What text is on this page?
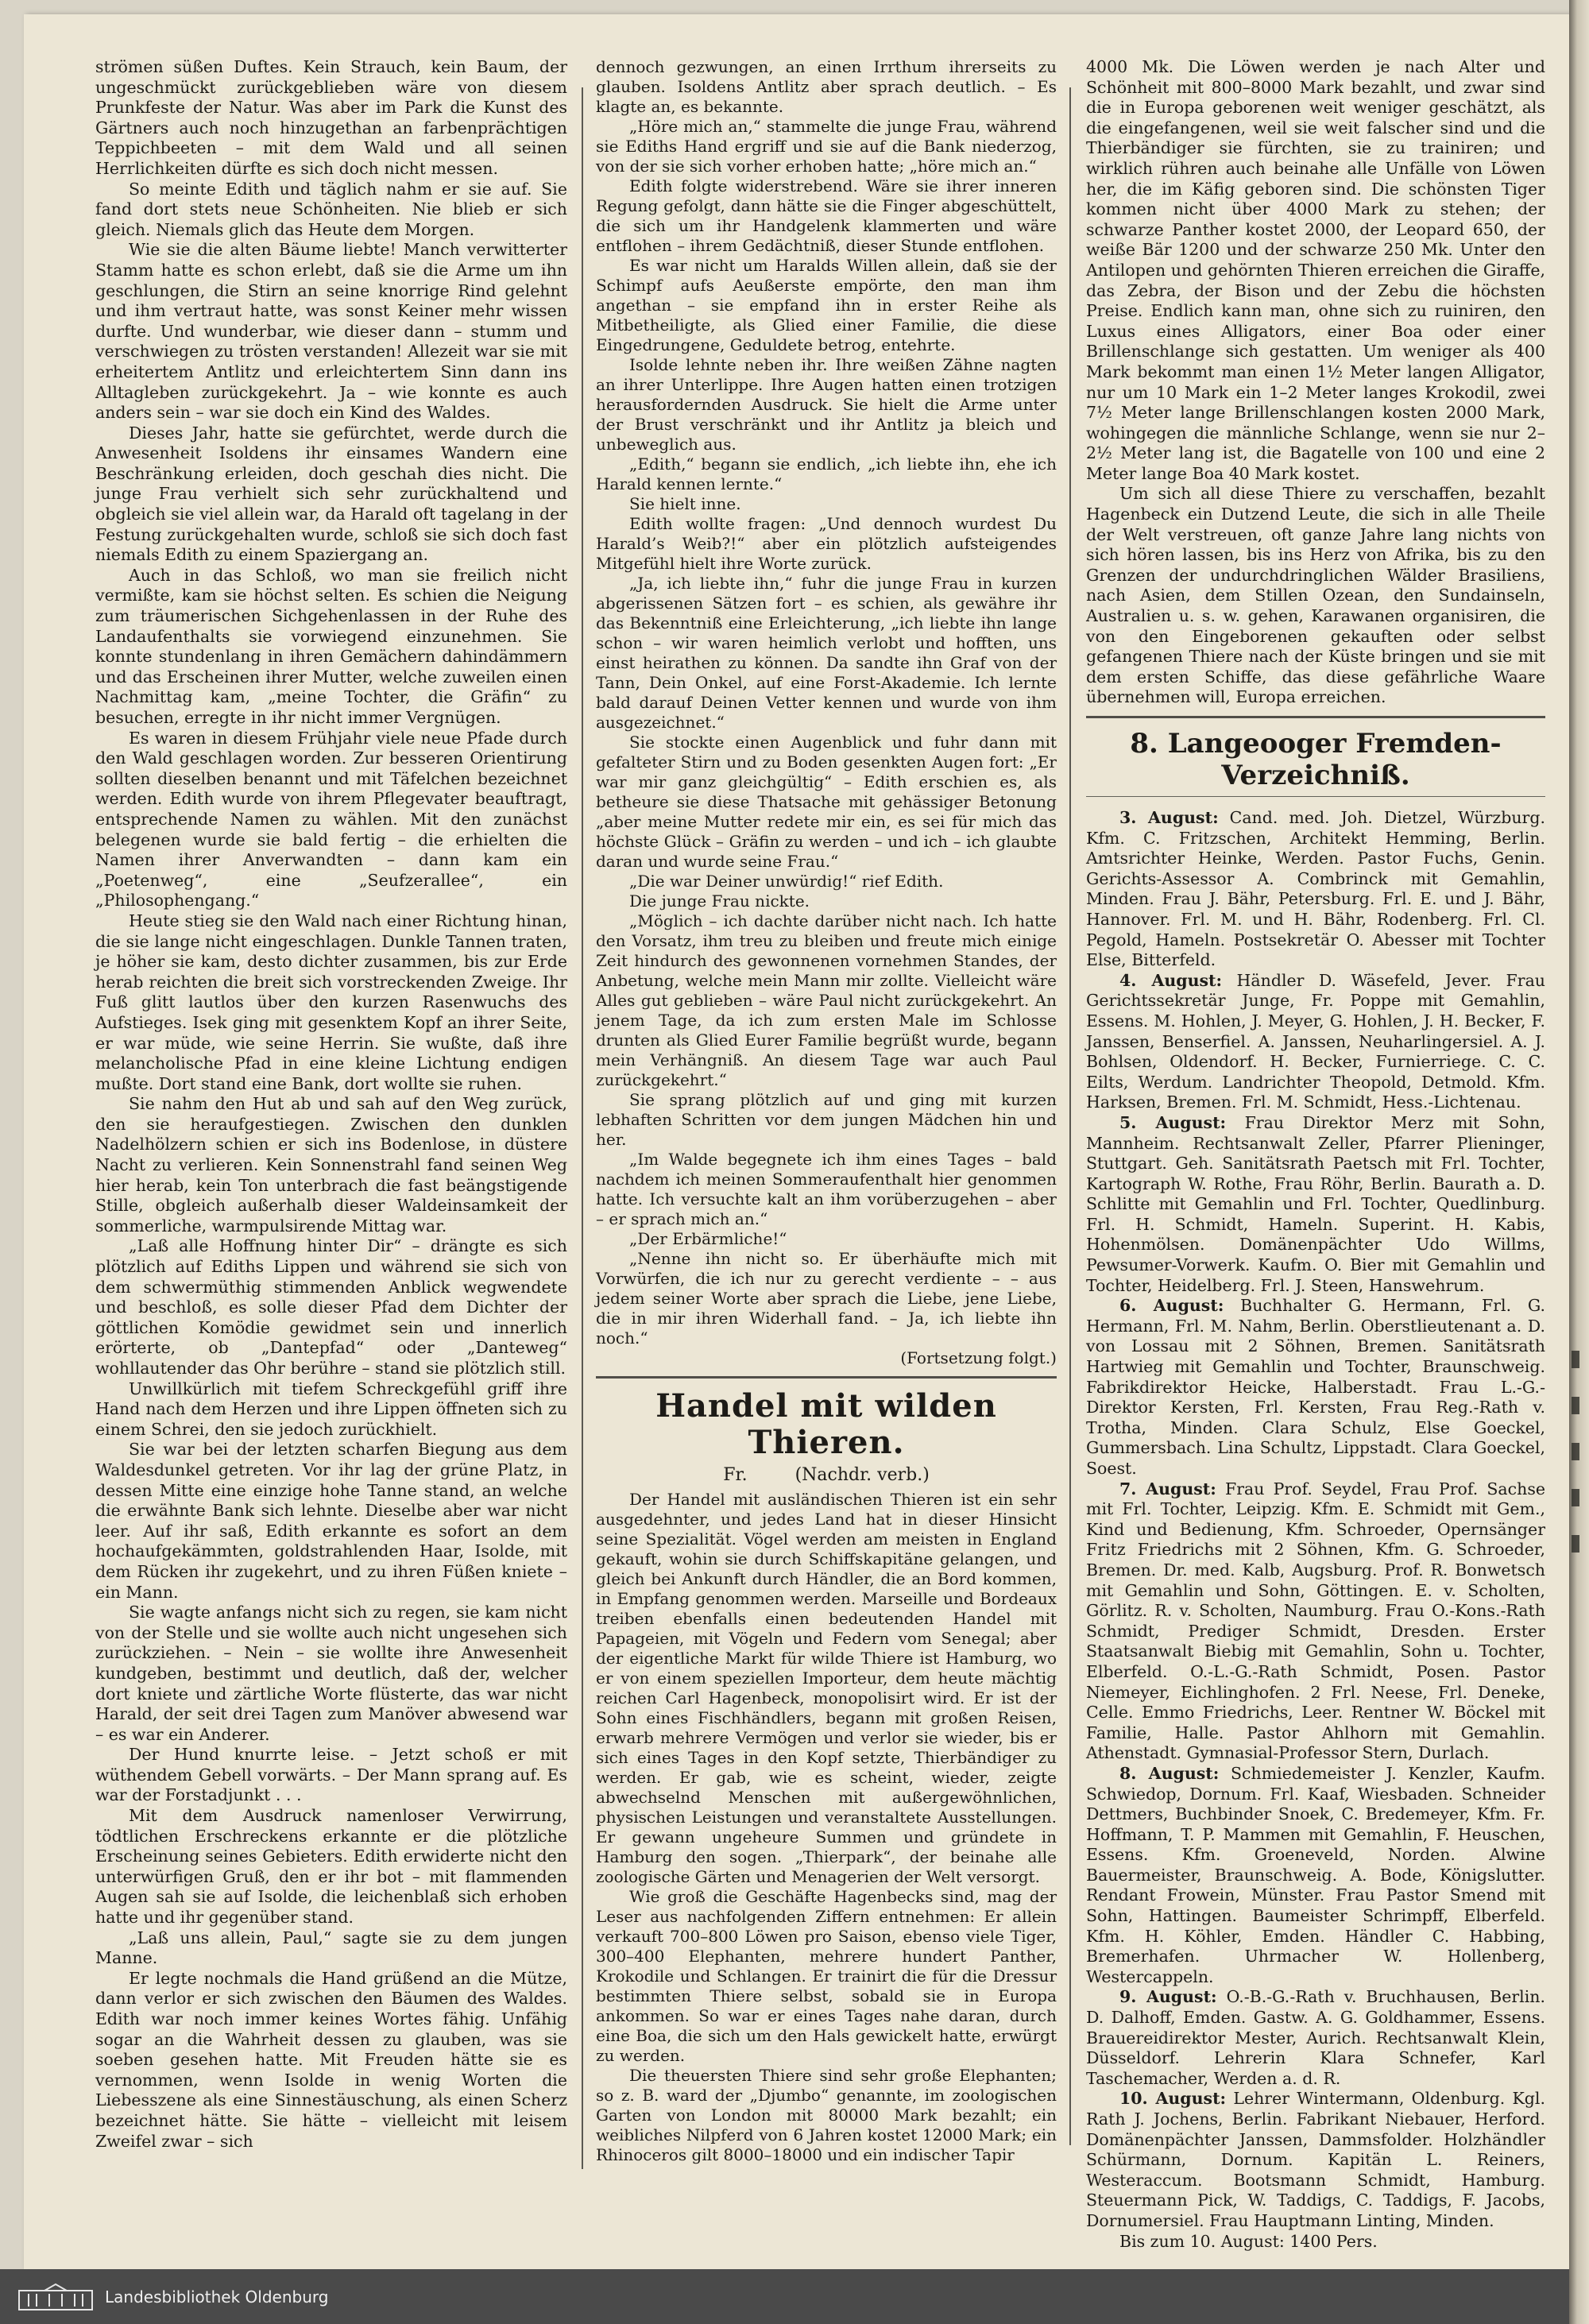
strömen süßen Duftes. Kein Strauch, kein Baum, der ungeschmückt zurückgeblieben wäre von diesem Prunkfeste der Natur. Was aber im Park die Kunst des Gärtners auch noch hinzugethan an farbenprächtigen Teppichbeeten – mit dem Wald und all seinen Herrlichkeiten dürfte es sich doch nicht messen.

So meinte Edith und täglich nahm er sie auf. Sie fand dort stets neue Schönheiten. Nie blieb er sich gleich. Niemals glich das Heute dem Morgen.

Wie sie die alten Bäume liebte! Manch verwitterter Stamm hatte es schon erlebt, daß sie die Arme um ihn geschlungen, die Stirn an seine knorrige Rind gelehnt und ihm vertraut hatte, was sonst Keiner mehr wissen durfte. Und wunderbar, wie dieser dann – stumm und verschwiegen zu trösten verstanden! Allezeit war sie mit erheitertem Antlitz und erleichtertem Sinn dann ins Alltagleben zurückgekehrt. Ja – wie konnte es auch anders sein – war sie doch ein Kind des Waldes.

Dieses Jahr, hatte sie gefürchtet, werde durch die Anwesenheit Isoldens ihr einsames Wandern eine Beschränkung erleiden, doch geschah dies nicht. Die junge Frau verhielt sich sehr zurückhaltend und obgleich sie viel allein war, da Harald oft tagelang in der Festung zurückgehalten wurde, schloß sie sich doch fast niemals Edith zu einem Spaziergang an.

Auch in das Schloß, wo man sie freilich nicht vermißte, kam sie höchst selten. Es schien die Neigung zum träumerischen Sichgehenlassen in der Ruhe des Landaufenthalts sie vorwiegend einzunehmen. Sie konnte stundenlang in ihren Gemächern dahindämmern und das Erscheinen ihrer Mutter, welche zuweilen einen Nachmittag kam, „meine Tochter, die Gräfin“ zu besuchen, erregte in ihr nicht immer Vergnügen.

Es waren in diesem Frühjahr viele neue Pfade durch den Wald geschlagen worden. Zur besseren Orientirung sollten dieselben benannt und mit Täfelchen bezeichnet werden. Edith wurde von ihrem Pflegevater beauftragt, entsprechende Namen zu wählen. Mit den zunächst belegenen wurde sie bald fertig – die erhielten die Namen ihrer Anverwandten – dann kam ein „Poetenweg“, eine „Seufzerallee“, ein „Philosophengang.“

Heute stieg sie den Wald nach einer Richtung hinan, die sie lange nicht eingeschlagen. Dunkle Tannen traten, je höher sie kam, desto dichter zusammen, bis zur Erde herab reichten die breit sich vorstreckenden Zweige. Ihr Fuß glitt lautlos über den kurzen Rasenwuchs des Aufstieges. Isek ging mit gesenktem Kopf an ihrer Seite, er war müde, wie seine Herrin. Sie wußte, daß ihre melancholische Pfad in eine kleine Lichtung endigen mußte. Dort stand eine Bank, dort wollte sie ruhen.

Sie nahm den Hut ab und sah auf den Weg zurück, den sie heraufgestiegen. Zwischen den dunklen Nadelhölzern schien er sich ins Bodenlose, in düstere Nacht zu verlieren. Kein Sonnenstrahl fand seinen Weg hier herab, kein Ton unterbrach die fast beängstigende Stille, obgleich außerhalb dieser Waldeinsamkeit der sommerliche, warmpulsirende Mittag war.

„Laß alle Hoffnung hinter Dir“ – drängte es sich plötzlich auf Ediths Lippen und während sie sich von dem schwermüthig stimmenden Anblick wegwendete und beschloß, es solle dieser Pfad dem Dichter der göttlichen Komödie gewidmet sein und innerlich erörterte, ob „Dantepfad“ oder „Danteweg“ wohllautender das Ohr berühre – stand sie plötzlich still.

Unwillkürlich mit tiefem Schreckgefühl griff ihre Hand nach dem Herzen und ihre Lippen öffneten sich zu einem Schrei, den sie jedoch zurückhielt.

Sie war bei der letzten scharfen Biegung aus dem Waldesdunkel getreten. Vor ihr lag der grüne Platz, in dessen Mitte eine einzige hohe Tanne stand, an welche die erwähnte Bank sich lehnte. Dieselbe aber war nicht leer. Auf ihr saß, Edith erkannte es sofort an dem hochaufgekämmten, goldstrahlenden Haar, Isolde, mit dem Rücken ihr zugekehrt, und zu ihren Füßen kniete – ein Mann.

Sie wagte anfangs nicht sich zu regen, sie kam nicht von der Stelle und sie wollte auch nicht ungesehen sich zurückziehen. – Nein – sie wollte ihre Anwesenheit kundgeben, bestimmt und deutlich, daß der, welcher dort kniete und zärtliche Worte flüsterte, das war nicht Harald, der seit drei Tagen zum Manöver abwesend war – es war ein Anderer.

Der Hund knurrte leise. – Jetzt schoß er mit wüthendem Gebell vorwärts. – Der Mann sprang auf. Es war der Forstadjunkt . . .

Mit dem Ausdruck namenloser Verwirrung, tödtlichen Erschreckens erkannte er die plötzliche Erscheinung seines Gebieters. Edith erwiderte nicht den unterwürfigen Gruß, den er ihr bot – mit flammenden Augen sah sie auf Isolde, die leichenblaß sich erhoben hatte und ihr gegenüber stand.

„Laß uns allein, Paul,“ sagte sie zu dem jungen Manne.

Er legte nochmals die Hand grüßend an die Mütze, dann verlor er sich zwischen den Bäumen des Waldes. Edith war noch immer keines Wortes fähig. Unfähig sogar an die Wahrheit dessen zu glauben, was sie soeben gesehen hatte. Mit Freuden hätte sie es vernommen, wenn Isolde in wenig Worten die Liebesszene als eine Sinnestäuschung, als einen Scherz bezeichnet hätte. Sie hätte – vielleicht mit leisem Zweifel zwar – sich

dennoch gezwungen, an einen Irrthum ihrerseits zu glauben. Isoldens Antlitz aber sprach deutlich. – Es klagte an, es bekannte.

„Höre mich an,“ stammelte die junge Frau, während sie Ediths Hand ergriff und sie auf die Bank niederzog, von der sie sich vorher erhoben hatte; „höre mich an.“

Edith folgte widerstrebend. Wäre sie ihrer inneren Regung gefolgt, dann hätte sie die Finger abgeschüttelt, die sich um ihr Handgelenk klammerten und wäre entflohen – ihrem Gedächtniß, dieser Stunde entflohen.

Es war nicht um Haralds Willen allein, daß sie der Schimpf aufs Aeußerste empörte, den man ihm angethan – sie empfand ihn in erster Reihe als Mitbetheiligte, als Glied einer Familie, die diese Eingedrungene, Geduldete betrog, entehrte.

Isolde lehnte neben ihr. Ihre weißen Zähne nagten an ihrer Unterlippe. Ihre Augen hatten einen trotzigen herausfordernden Ausdruck. Sie hielt die Arme unter der Brust verschränkt und ihr Antlitz ja bleich und unbeweglich aus.

„Edith,“ begann sie endlich, „ich liebte ihn, ehe ich Harald kennen lernte.“

Sie hielt inne.

Edith wollte fragen: „Und dennoch wurdest Du Harald’s Weib?!“ aber ein plötzlich aufsteigendes Mitgefühl hielt ihre Worte zurück.

„Ja, ich liebte ihn,“ fuhr die junge Frau in kurzen abgerissenen Sätzen fort – es schien, als gewähre ihr das Bekenntniß eine Erleichterung, „ich liebte ihn lange schon – wir waren heimlich verlobt und hofften, uns einst heirathen zu können. Da sandte ihn Graf von der Tann, Dein Onkel, auf eine Forst-Akademie. Ich lernte bald darauf Deinen Vetter kennen und wurde von ihm ausgezeichnet.“

Sie stockte einen Augenblick und fuhr dann mit gefalteter Stirn und zu Boden gesenkten Augen fort: „Er war mir ganz gleichgültig“ – Edith erschien es, als betheure sie diese Thatsache mit gehässiger Betonung „aber meine Mutter redete mir ein, es sei für mich das höchste Glück – Gräfin zu werden – und ich – ich glaubte daran und wurde seine Frau.“

„Die war Deiner unwürdig!“ rief Edith.

Die junge Frau nickte.

„Möglich – ich dachte darüber nicht nach. Ich hatte den Vorsatz, ihm treu zu bleiben und freute mich einige Zeit hindurch des gewonnenen vornehmen Standes, der Anbetung, welche mein Mann mir zollte. Vielleicht wäre Alles gut geblieben – wäre Paul nicht zurückgekehrt. An jenem Tage, da ich zum ersten Male im Schlosse drunten als Glied Eurer Familie begrüßt wurde, begann mein Verhängniß. An diesem Tage war auch Paul zurückgekehrt.“

Sie sprang plötzlich auf und ging mit kurzen lebhaften Schritten vor dem jungen Mädchen hin und her.

„Im Walde begegnete ich ihm eines Tages – bald nachdem ich meinen Sommeraufenthalt hier genommen hatte. Ich versuchte kalt an ihm vorüberzugehen – aber – er sprach mich an.“

„Der Erbärmliche!“

„Nenne ihn nicht so. Er überhäufte mich mit Vorwürfen, die ich nur zu gerecht verdiente – – aus jedem seiner Worte aber sprach die Liebe, jene Liebe, die in mir ihren Widerhall fand. – Ja, ich liebte ihn noch.“

(Fortsetzung folgt.)

Handel mit wilden Thieren.
Fr.	(Nachdr. verb.)

Der Handel mit ausländischen Thieren ist ein sehr ausgedehnter, und jedes Land hat in dieser Hinsicht seine Spezialität. Vögel werden am meisten in England gekauft, wohin sie durch Schiffskapitäne gelangen, und gleich bei Ankunft durch Händler, die an Bord kommen, in Empfang genommen werden. Marseille und Bordeaux treiben ebenfalls einen bedeutenden Handel mit Papageien, mit Vögeln und Federn vom Senegal; aber der eigentliche Markt für wilde Thiere ist Hamburg, wo er von einem speziellen Importeur, dem heute mächtig reichen Carl Hagenbeck, monopolisirt wird. Er ist der Sohn eines Fischhändlers, begann mit großen Reisen, erwarb mehrere Vermögen und verlor sie wieder, bis er sich eines Tages in den Kopf setzte, Thierbändiger zu werden. Er gab, wie es scheint, wieder, zeigte abwechselnd Menschen mit außergewöhnlichen, physischen Leistungen und veranstaltete Ausstellungen. Er gewann ungeheure Summen und gründete in Hamburg den sogen. „Thierpark“, der beinahe alle zoologische Gärten und Menagerien der Welt versorgt.

Wie groß die Geschäfte Hagenbecks sind, mag der Leser aus nachfolgenden Ziffern entnehmen: Er allein verkauft 700–800 Löwen pro Saison, ebenso viele Tiger, 300–400 Elephanten, mehrere hundert Panther, Krokodile und Schlangen. Er trainirt die für die Dressur bestimmten Thiere selbst, sobald sie in Europa ankommen. So war er eines Tages nahe daran, durch eine Boa, die sich um den Hals gewickelt hatte, erwürgt zu werden.

Die theuersten Thiere sind sehr große Elephanten; so z. B. ward der „Djumbo“ genannte, im zoologischen Garten von London mit 80000 Mark bezahlt; ein weibliches Nilpferd von 6 Jahren kostet 12000 Mark; ein Rhinoceros gilt 8000–18000 und ein indischer Tapir

4000 Mk. Die Löwen werden je nach Alter und Schönheit mit 800–8000 Mark bezahlt, und zwar sind die in Europa geborenen weit weniger geschätzt, als die eingefangenen, weil sie weit falscher sind und die Thierbändiger sie fürchten, sie zu trainiren; und wirklich rühren auch beinahe alle Unfälle von Löwen her, die im Käfig geboren sind. Die schönsten Tiger kommen nicht über 4000 Mark zu stehen; der schwarze Panther kostet 2000, der Leopard 650, der weiße Bär 1200 und der schwarze 250 Mk. Unter den Antilopen und gehörnten Thieren erreichen die Giraffe, das Zebra, der Bison und der Zebu die höchsten Preise. Endlich kann man, ohne sich zu ruiniren, den Luxus eines Alligators, einer Boa oder einer Brillenschlange sich gestatten. Um weniger als 400 Mark bekommt man einen 1½ Meter langen Alligator, nur um 10 Mark ein 1–2 Meter langes Krokodil, zwei 7½ Meter lange Brillenschlangen kosten 2000 Mark, wohingegen die männliche Schlange, wenn sie nur 2–2½ Meter lang ist, die Bagatelle von 100 und eine 2 Meter lange Boa 40 Mark kostet.

Um sich all diese Thiere zu verschaffen, bezahlt Hagenbeck ein Dutzend Leute, die sich in alle Theile der Welt verstreuen, oft ganze Jahre lang nichts von sich hören lassen, bis ins Herz von Afrika, bis zu den Grenzen der undurchdringlichen Wälder Brasiliens, nach Asien, dem Stillen Ozean, den Sundainseln, Australien u. s. w. gehen, Karawanen organisiren, die von den Eingeborenen gekauften oder selbst gefangenen Thiere nach der Küste bringen und sie mit dem ersten Schiffe, das diese gefährliche Waare übernehmen will, Europa erreichen.

8. Langeooger Fremden-Verzeichniß.

3. August: Cand. med. Joh. Dietzel, Würzburg. Kfm. C. Fritzschen, Architekt Hemming, Berlin. Amtsrichter Heinke, Werden. Pastor Fuchs, Genin. Gerichts-Assessor A. Combrinck mit Gemahlin, Minden. Frau J. Bähr, Petersburg. Frl. E. und J. Bähr, Hannover. Frl. M. und H. Bähr, Rodenberg. Frl. Cl. Pegold, Hameln. Postsekretär O. Abesser mit Tochter Else, Bitterfeld.

4. August: Händler D. Wäsefeld, Jever. Frau Gerichtssekretär Junge, Fr. Poppe mit Gemahlin, Essens. M. Hohlen, J. Meyer, G. Hohlen, J. H. Becker, F. Janssen, Benserfiel. A. Janssen, Neuharlingersiel. A. J. Bohlsen, Oldendorf. H. Becker, Furnierriege. C. C. Eilts, Werdum. Landrichter Theopold, Detmold. Kfm. Harksen, Bremen. Frl. M. Schmidt, Hess.-Lichtenau.

5. August: Frau Direktor Merz mit Sohn, Mannheim. Rechtsanwalt Zeller, Pfarrer Plieninger, Stuttgart. Geh. Sanitätsrath Paetsch mit Frl. Tochter, Kartograph W. Rothe, Frau Röhr, Berlin. Baurath a. D. Schlitte mit Gemahlin und Frl. Tochter, Quedlinburg. Frl. H. Schmidt, Hameln. Superint. H. Kabis, Hohenmölsen. Domänenpächter Udo Willms, Pewsumer-Vorwerk. Kaufm. O. Bier mit Gemahlin und Tochter, Heidelberg. Frl. J. Steen, Hanswehrum.

6. August: Buchhalter G. Hermann, Frl. G. Hermann, Frl. M. Nahm, Berlin. Oberstlieutenant a. D. von Lossau mit 2 Söhnen, Bremen. Sanitätsrath Hartwieg mit Gemahlin und Tochter, Braunschweig. Fabrikdirektor Heicke, Halberstadt. Frau L.-G.-Direktor Kersten, Frl. Kersten, Frau Reg.-Rath v. Trotha, Minden. Clara Schulz, Else Goeckel, Gummersbach. Lina Schultz, Lippstadt. Clara Goeckel, Soest.

7. August: Frau Prof. Seydel, Frau Prof. Sachse mit Frl. Tochter, Leipzig. Kfm. E. Schmidt mit Gem., Kind und Bedienung, Kfm. Schroeder, Opernsänger Fritz Friedrichs mit 2 Söhnen, Kfm. G. Schroeder, Bremen. Dr. med. Kalb, Augsburg. Prof. R. Bonwetsch mit Gemahlin und Sohn, Göttingen. E. v. Scholten, Görlitz. R. v. Scholten, Naumburg. Frau O.-Kons.-Rath Schmidt, Prediger Schmidt, Dresden. Erster Staatsanwalt Biebig mit Gemahlin, Sohn u. Tochter, Elberfeld. O.-L.-G.-Rath Schmidt, Posen. Pastor Niemeyer, Eichlinghofen. 2 Frl. Neese, Frl. Deneke, Celle. Emmo Friedrichs, Leer. Rentner W. Böckel mit Familie, Halle. Pastor Ahlhorn mit Gemahlin. Athenstadt. Gymnasial-Professor Stern, Durlach.

8. August: Schmiedemeister J. Kenzler, Kaufm. Schwiedop, Dornum. Frl. Kaaf, Wiesbaden. Schneider Dettmers, Buchbinder Snoek, C. Bredemeyer, Kfm. Fr. Hoffmann, T. P. Mammen mit Gemahlin, F. Heuschen, Essens. Kfm. Groeneveld, Norden. Alwine Bauermeister, Braunschweig. A. Bode, Königslutter. Rendant Frowein, Münster. Frau Pastor Smend mit Sohn, Hattingen. Baumeister Schrimpff, Elberfeld. Kfm. H. Köhler, Emden. Händler C. Habbing, Bremerhafen. Uhrmacher W. Hollenberg, Westercappeln.

9. August: O.-B.-G.-Rath v. Bruchhausen, Berlin. D. Dalhoff, Emden. Gastw. A. G. Goldhammer, Essens. Brauereidirektor Mester, Aurich. Rechtsanwalt Klein, Düsseldorf. Lehrerin Klara Schnefer, Karl Taschemacher, Werden a. d. R.

10. August: Lehrer Wintermann, Oldenburg. Kgl. Rath J. Jochens, Berlin. Fabrikant Niebauer, Herford. Domänenpächter Janssen, Dammsfolder. Holzhändler Schürmann, Dornum. Kapitän L. Reiners, Westeraccum. Bootsmann Schmidt, Hamburg. Steuermann Pick, W. Taddigs, C. Taddigs, F. Jacobs, Dornumersiel. Frau Hauptmann Linting, Minden.

Bis zum 10. August: 1400 Pers.

Landesbibliothek Oldenburg
